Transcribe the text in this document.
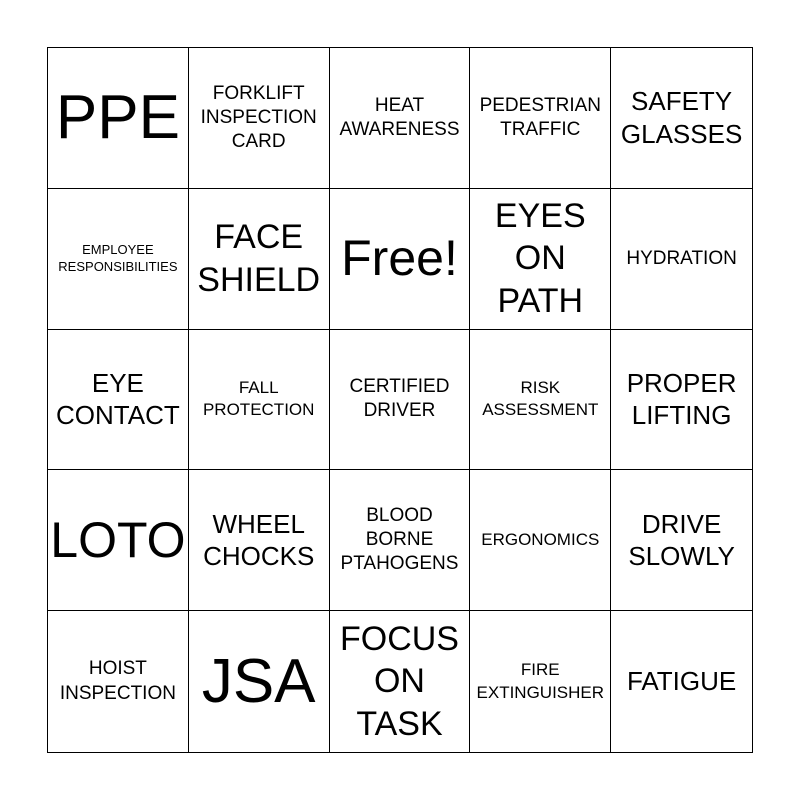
PPE	FORKLIFT
INSPECTION
CARD
HEAT
AWARENESS
PEDESTRIAN
TRAFFIC
SAFETY
GLASSES
EMPLOYEE
RESPONSIBILITIES
FACE
SHIELD Free!
EYES
ON
PATH
HYDRATION
EYE
CONTACT
FALL
PROTECTION
CERTIFIED
DRIVER
RISK
ASSESSMENT
PROPER
LIFTING
LOTO	WHEEL
CHOCKS
BLOOD
BORNE
PTAHOGENS
ERGONOMICS
DRIVE
SLOWLY
HOIST
INSPECTION JSA
FOCUS
ON
TASK
FIRE
EXTINGUISHER FATIGUE
